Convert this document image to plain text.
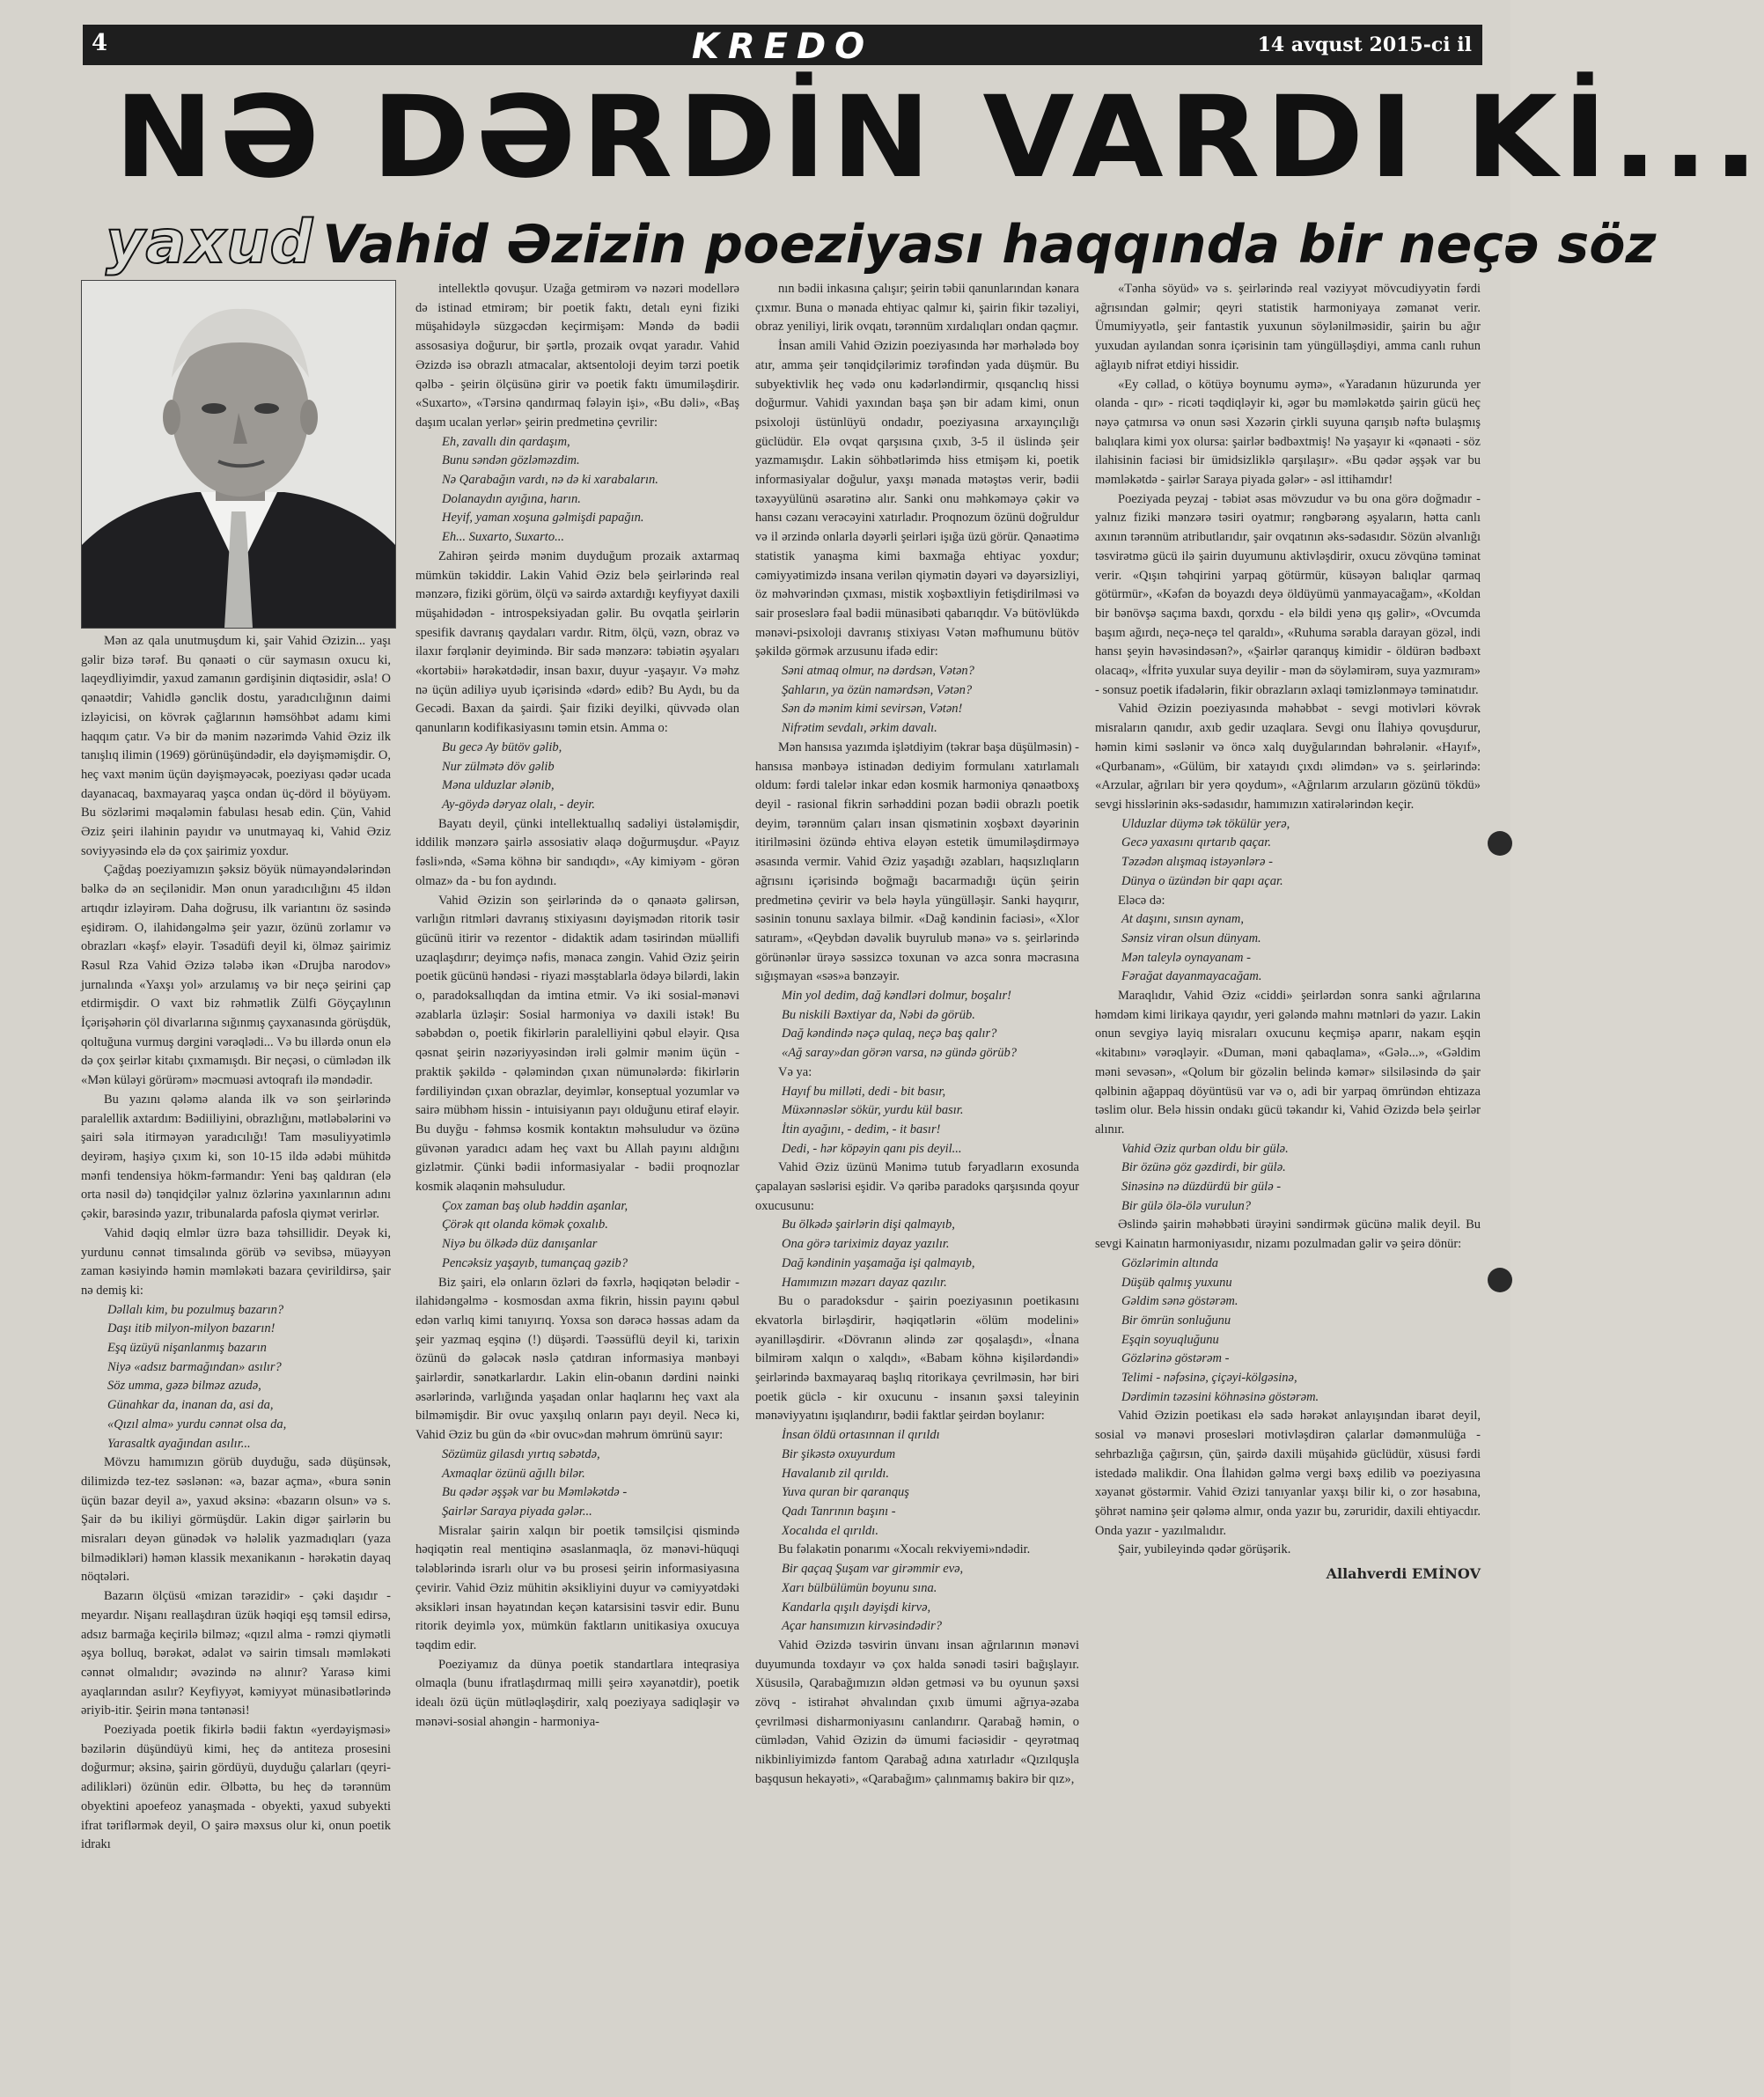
4	KREDO	14 avqust 2015-ci il
NƏ DƏRDİN VARDI Kİ...
yaxud Vahid Əzizin poeziyası haqqında bir neçə söz

Mən az qala unutmuşdum ki, şair Vahid Əzizin... yaşı gəlir bizə tərəf. Bu qənaəti o cür saymasın oxucu ki, laqeydliyimdir, yaxud zamanın gərdişinin diqtəsidir, əsla! O qənaətdir; Vahidlə gənclik dostu, yaradıcılığının daimi izləyicisi, on kövrək çağlarının həmsöhbət adamı kimi haqqım çatır. Və bir də mənim nəzərimdə Vahid Əziz ilk tanışlıq ilimin (1969) görünüşündədir, elə dəyişməmişdir. O, heç vaxt mənim üçün dəyişməyəcək, poeziyası qədər ucada dayanacaq, baxmayaraq yaşca ondan üç-dörd il böyüyəm. Bu sözlərimi məqaləmin fabulası hesab edin. Çün, Vahid Əziz şeiri ilahinin payıdır və unutmayaq ki, Vahid Əziz soviyyəsində elə də çox şairimiz yoxdur.

Çağdaş poeziyamızın şəksiz böyük nümayəndələrindən bəlkə də ən seçilənidir. Mən onun yaradıcılığını 45 ildən artıqdır izləyirəm. Daha doğrusu, ilk variantını öz səsində eşidirəm. O, ilahidəngəlmə şeir yazır, özünü zorlamır və obrazları «kəşf» eləyir. Təsadüfi deyil ki, ölməz şairimiz Rəsul Rza Vahid Əzizə tələbə ikən «Drujba narodov» jurnalında «Yaxşı yol» arzulamış və bir neçə şeirini çap etdirmişdir. O vaxt biz rəhmətlik Zülfi Göyçaylının İçərişəhərin çöl divarlarına sığınmış çayxanasında görüşdük, qoltuğuna vurmuş dərgini vərəqlədi... Və bu illərdə onun elə də çox şeirlər kitabı çıxmamışdı. Bir neçəsi, o cümlədən ilk «Mən küləyi görürəm» məcmuəsi avtoqrafı ilə məndədir.

Bu yazını qələmə alanda ilk və son şeirlərində paralellik axtardım: Bədiiliyini, obrazlığını, mətləbələrini və şairi səla itirməyən yaradıcılığı! Tam məsuliyyətimlə deyirəm, haşiyə çıxım ki, son 10-15 ildə ədəbi mühitdə mənfi tendensiya hökm-fərmandır: Yeni baş qaldıran (elə orta nəsil də) tənqidçilər yalnız özlərinə yaxınlarının adını çəkir, barəsində yazır, tribunalarda pafosla qiymət verirlər.

Vahid dəqiq elmlər üzrə baza təhsillidir. Deyək ki, yurdunu cənnət timsalında görüb və sevibsə, müəyyən zaman kəsiyində həmin məmləkəti bazara çevirildirsə, şair nə demiş ki:

Dəllalı kim, bu pozulmuş bazarın?

Daşı itib milyon-milyon bazarın!

Eşq üzüyü nişanlanmış bazarın

Niyə «adsız barmağından» asılır?

Söz umma, gəzə bilməz azudə,

Günahkar da, inanan da, asi da,

«Qızıl alma» yurdu cənnət olsa da,

Yarasaltk ayağından asılır...

Mövzu hamımızın görüb duyduğu, sadə düşünsək, dilimizdə tez-tez səslənən: «ə, bazar açma», «bura sənin üçün bazar deyil a», yaxud əksinə: «bazarın olsun» və s. Şair də bu ikiliyi görmüşdür. Lakin digər şairlərin bu misraları deyən günədək və hələlik yazmadıqları (yaza bilmədikləri) həmən klassik mexanikanın - hərəkətin dayaq nöqtələri.

Bazarın ölçüsü «mizan tərəzidir» - çəki daşıdır - meyardır. Nişanı reallaşdıran üzük həqiqi eşq təmsil edirsə, adsız barmağa keçirilə bilməz; «qızıl alma - rəmzi qiymətli əşya bolluq, bərəkət, ədalət və sairin timsalı məmləkəti cənnət olmalıdır; əvəzində nə alınır? Yarasə kimi ayaqlarından asılır? Keyfiyyət, kəmiyyət münasibətlərində əriyib-itir. Şeirin məna təntənəsi!

Poeziyada poetik fikirlə bədii faktın «yerdəyişməsi» bəzilərin düşündüyü kimi, heç də antiteza prosesini doğurmur; əksinə, şairin gördüyü, duyduğu çalarları (qeyri-adilikləri) özünün edir. Əlbəttə, bu heç də tərənnüm obyektini apoefeoz yanaşmada - obyekti, yaxud subyekti ifrat təriflərmək deyil, O şairə məxsus olur ki, onun poetik idrakı

intellektlə qovuşur. Uzağa getmirəm və nəzəri modellərə də istinad etmirəm; bir poetik faktı, detalı eyni fiziki müşahidəylə süzgəcdən keçirmişəm: Məndə də bədii assosasiya doğurur, bir şərtlə, prozaik ovqat yaradır. Vahid Əzizdə isə obrazlı atmacalar, aktsentoloji deyim tərzi poetik qəlbə - şeirin ölçüsünə girir və poetik faktı ümumiləşdirir. «Suxarto», «Tərsinə qandırmaq fələyin işi», «Bu dəli», «Baş daşım ucalan yerlər» şeirin predmetinə çevrilir:

Eh, zavallı din qardaşım,

Bunu səndən gözləməzdim.

Nə Qarabağın vardı, nə də ki xarabaların.

Dolanaydın ayığına, harın.

Heyif, yaman xoşuna gəlmişdi papağın.

Eh... Suxarto, Suxarto...

Zahirən şeirdə mənim duyduğum prozaik axtarmaq mümkün təkiddir. Lakin Vahid Əziz belə şeirlərində real mənzərə, fiziki görüm, ölçü və sairdə axtardığı keyfiyyət daxili müşahidədən - introspeksiyadan gəlir. Bu ovqatla şeirlərin spesifik davranış qaydaları vardır. Ritm, ölçü, vəzn, obraz və ilaxır fərqlənir deyimində. Bir sadə mənzərə: təbiətin əşyaları «kortəbii» hərəkətdədir, insan baxır, duyur -yaşayır. Və məhz nə üçün adiliyə uyub içərisində «dərd» edib? Bu Aydı, bu da Gecədi. Baxan da şairdi. Şair fiziki deyilki, qüvvədə olan qanunların kodifikasiyasını təmin etsin. Amma o:

Bu gecə Ay bütöv gəlib,

Nur zülmətə döv gəlib

Məna ulduzlar ələnib,

Ay-göydə dəryaz olalı, - deyir.

Bayatı deyil, çünki intellektuallıq sadəliyi üstələmişdir, iddilik mənzərə şairlə assosiativ əlaqə doğurmuşdur. «Payız fəsli»ndə, «Səma köhnə bir sandıqdı», «Ay kimiyəm - görən olmaz» da - bu fon aydındı.

Vahid Əzizin son şeirlərində də o qənaətə gəlirsən, varlığın ritmləri davranış stixiyasını dəyişmədən ritorik təsir gücünü itirir və rezentor - didaktik adam təsirindən müəllifi uzaqlaşdırır; deyimçə nəfis, mənaca zəngin. Vahid Əziz şeirin poetik gücünü həndəsi - riyazi məsştablarla ödəyə bilərdi, lakin o, paradoksallıqdan da imtina etmir. Və iki sosial-mənəvi əzablarla üzləşir: Sosial harmoniya və daxili istək! Bu səbəbdən o, poetik fikirlərin paralelliyini qəbul eləyir. Qısa qəsnat şeirin nəzəriyyəsindən irəli gəlmir mənim üçün - praktik şəkildə - qələmindən çıxan nümunələrdə: fikirlərin fərdiliyindən çıxan obrazlar, deyimlər, konseptual yozumlar və sairə mübhəm hissin - intuisiyanın payı olduğunu etiraf eləyir. Bu duyğu - fəhmsə kosmik kontaktın məhsuludur və özünə güvənən yaradıcı adam heç vaxt bu Allah payını aldığını gizlətmir. Çünki bədii informasiyalar - bədii proqnozlar kosmik əlaqənin məhsuludur.

Çox zaman baş olub həddin aşanlar,

Çörək qıt olanda kömək çoxalıb.

Niyə bu ölkədə düz danışanlar

Pencəksiz yaşayıb, tumançaq gəzib?

Biz şairi, elə onların özləri də fəxrlə, həqiqətən belədir - ilahidəngəlmə - kosmosdan axma fikrin, hissin payını qəbul edən varlıq kimi tanıyırıq. Yoxsa son dərəcə həssas adam da şeir yazmaq eşqinə (!) düşərdi. Təəssüflü deyil ki, tarixin özünü də gələcək nəslə çatdıran informasiya mənbəyi şairlərdir, sənətkarlardır. Lakin elin-obanın dərdini nəinki əsərlərində, varlığında yaşadan onlar haqlarını heç vaxt ala bilməmişdir. Bir ovuc yaxşılıq onların payı deyil. Necə ki, Vahid Əziz bu gün də «bir ovuc»dan məhrum ömrünü sayır:

Sözümüz gilasdı yırtıq səbətdə,

Axmaqlar özünü ağıllı bilər.

Bu qədər əşşək var bu Məmləkətdə -

Şairlər Saraya piyada gələr...

Misralar şairin xalqın bir poetik təmsilçisi qismində həqiqətin real mentiqinə əsaslanmaqla, öz mənəvi-hüquqi tələblərində israrlı olur və bu prosesi şeirin informasiyasına çevirir. Vahid Əziz mühitin əksikliyini duyur və cəmiyyətdəki əksikləri insan həyatından keçən katarsisini təsvir edir. Bunu ritorik deyimlə yox, mümkün faktların unitikasiya oxucuya təqdim edir.

Poeziyamız da dünya poetik standartlara inteqrasiya olmaqla (bunu ifratlaşdırmaq milli şeirə xəyanətdir), poetik idealı özü üçün mütləqləşdirir, xalq poeziyaya sadiqləşir və mənəvi-sosial ahəngin - harmoniya-

nın bədii inkasına çalışır; şeirin təbii qanunlarından kənara çıxmır. Buna o mənada ehtiyac qalmır ki, şairin fikir təzəliyi, obraz yeniliyi, lirik ovqatı, tərənnüm xırdalıqları ondan qaçmır.

İnsan amili Vahid Əzizin poeziyasında hər mərhələdə boy atır, amma şeir tənqidçilərimiz tərəfindən yada düşmür. Bu subyektivlik heç vədə onu kədərləndirmir, qısqanclıq hissi doğurmur. Vahidi yaxından başa şən bir adam kimi, onun psixoloji üstünlüyü ondadır, poeziyasına arxayınçılığı güclüdür. Elə ovqat qarşısına çıxıb, 3-5 il üslində şeir yazmamışdır. Lakin söhbətlərimdə hiss etmişəm ki, poetik informasiyalar doğulur, yaxşı mənada mətəştəs verir, bədii təxəyyülünü əsarətinə alır. Sanki onu məhkəməyə çəkir və hansı cəzanı verəcəyini xatırladır. Proqnozum özünü doğruldur və il ərzində onlarla dəyərli şeirləri işığa üzü görür. Qənaətimə statistik yanaşma kimi baxmağa ehtiyac yoxdur; cəmiyyətimizdə insana verilən qiymətin dəyəri və dəyərsizliyi, öz məhvərindən çıxması, mistik xoşbəxtliyin fetişdirilməsi və sair proseslərə fəal bədii münasibəti qabarıqdır. Və bütövlükdə mənəvi-psixoloji davranış stixiyası Vətən məfhumunu bütöv şəkildə görmək arzusunu ifadə edir:

Səni atmaq olmur, nə dərdsən, Vətən?

Şahların, ya özün namərdsən, Vətən?

Sən də mənim kimi sevirsən, Vətən!

Nifrətim sevdalı, ərkim davalı.

Mən hansısa yazımda işlətdiyim (təkrar başa düşülməsin) - hansısa mənbəyə istinadən dediyim formulanı xatırlamalı oldum: fərdi talelər inkar edən kosmik harmoniya qənaətboxş deyil - rasional fikrin sərhəddini pozan bədii obrazlı poetik deyim, tərənnüm çaları insan qismətinin xoşbəxt dəyərinin itirilməsini özündə ehtiva eləyən estetik ümumiləşdirməyə əsasında vermir. Vahid Əziz yaşadığı əzabları, haqsızlıqların ağrısını içərisində boğmağı bacarmadığı üçün şeirin predmetinə çevirir və belə həyla yüngülləşir. Sanki hayqırır, səsinin tonunu saxlaya bilmir. «Dağ kəndinin faciəsi», «Xlor satıram», «Qeybdən dəvəlik buyrulub mənə» və s. şeirlərində görünənlər ürəyə səssizcə toxunan və azca sonra məcrasına sığışmayan «səs»a bənzəyir.

Min yol dedim, dağ kəndləri dolmur, boşalır!

Bu niskili Bəxtiyar da, Nəbi də görüb.

Dağ kəndində nəçə qulaq, neçə baş qalır?

«Ağ saray»dan görən varsa, nə gündə görüb?

Və ya:

Hayıf bu milləti, dedi - bit basır,

Müxənnəslər sökür, yurdu kül basır.

İtin ayağını, - dedim, - it basır!

Dedi, - hər köpəyin qanı pis deyil...

Vahid Əziz üzünü Mənimə tutub fəryadların exosunda çapalayan səslərisi eşidir. Və qəribə paradoks qarşısında qoyur oxucusunu:

Bu ölkədə şairlərin dişi qalmayıb,

Ona görə tariximiz dayaz yazılır.

Dağ kəndinin yaşamağa işi qalmayıb,

Hamımızın məzarı dayaz qazılır.

Bu o paradoksdur - şairin poeziyasının poetikasını ekvatorla birləşdirir, həqiqətlərin «ölüm modelini» əyanilləşdirir. «Dövranın əlində zər qoşalaşdı», «İnana bilmirəm xalqın o xalqdı», «Babam köhnə kişilərdəndi» şeirlərində baxmayaraq başlıq ritorikaya çevrilməsin, hər biri poetik güclə - kir oxucunu - insanın şəxsi taleyinin mənəviyyatını işıqlandırır, bədii faktlar şeirdən boylanır:

İnsan öldü ortasınnan il qırıldı

Bir şikəstə oxuyurdum

Havalanıb zil qırıldı.

Yuva quran bir qaranquş

Qadı Tanrının başını -

Xocalıda el qırıldı.

Bu fəlakətin ponarımı «Xocalı rekviyemi»ndədir.

Bir qaçaq Şuşam var girəmmir evə,

Xarı bülbülümün boyunu sına.

Kandarla qışılı dəyişdi kirvə,

Açar hansımızın kirvəsindədir?

Vahid Əzizdə təsvirin ünvanı insan ağrılarının mənəvi duyumunda toxdayır və çox halda sənədi təsiri bağışlayır. Xüsusilə, Qarabağımızın əldən getməsi və bu oyunun şəxsi zövq - istirahət əhvalından çıxıb ümumi ağrıya-əzaba çevrilməsi disharmoniyasını canlandırır. Qarabağ həmin, o cümlədən, Vahid Əzizin də ümumi faciəsidir - qeyrətmaq nikbinliyimizdə fantom Qarabağ adına xatırladır «Qızılquşla başqusun hekayəti», «Qarabağım» çalınmamış bakirə bir qız»,

«Tənha söyüd» və s. şeirlərində real vəziyyət mövcudiyyətin fərdi ağrısından gəlmir; qeyri statistik harmoniyaya zəmanət verir. Ümumiyyətlə, şeir fantastik yuxunun söylənilməsidir, şairin bu ağır yuxudan ayılandan sonra içərisinin tam yüngülləşdiyi, amma canlı ruhun ağlayıb nifrət etdiyi hissidir.

«Ey cəllad, o kötüyə boynumu əymə», «Yaradanın hüzurunda yer olanda - qır» - ricəti təqdiqləyir ki, əgər bu məmləkətdə şairin gücü heç nəyə çatmırsa və onun səsi Xəzərin çirkli suyuna qarışıb nəftə bulaşmış balıqlara kimi yox olursa: şairlər bədbəxtmiş! Nə yaşayır ki «qənaəti - söz ilahisinin faciəsi bir ümidsizliklə qarşılaşır». «Bu qədər əşşək var bu məmləkətdə - şairlər Saraya piyada gələr» - əsl ittihamdır!

Poeziyada peyzaj - təbiət əsas mövzudur və bu ona görə doğmadır - yalnız fiziki mənzərə təsiri oyatmır; rəngbərəng əşyaların, hətta canlı axının tərənnüm atributlarıdır, şair ovqatının əks-sədasıdır. Sözün əlvanlığı təsvirətmə gücü ilə şairin duyumunu aktivləşdirir, oxucu zövqünə təminat verir. «Qışın təhqirini yarpaq götürmür, küsəyən balıqlar qarmaq götürmür», «Kəfən də boyazdı deyə öldüyümü yanmayacağam», «Koldan bir bənövşə saçıma baxdı, qorxdu - elə bildi yenə qış gəlir», «Ovcumda başım ağırdı, neçə-neçə tel qaraldı», «Ruhuma sərabla darayan gözəl, indi hansı şeyin həvəsindəsən?», «Şairlər qaranquş kimidir - öldürən bədbəxt olacaq», «İfritə yuxular suya deyilir - mən də söyləmirəm, suya yazmıram» - sonsuz poetik ifadələrin, fikir obrazların əxlaqi təmizlənməyə təminatıdır.

Vahid Əzizin poeziyasında məhəbbət - sevgi motivləri kövrək misraların qanıdır, axıb gedir uzaqlara. Sevgi onu İlahiyə qovuşdurur, həmin kimi səslənir və öncə xalq duyğularından bəhrələnir. «Hayıf», «Qurbanam», «Gülüm, bir xatayıdı çıxdı əlimdən» və s. şeirlərində: «Arzular, ağrıları bir yerə qoydum», «Ağrılarım arzuların gözünü tökdü» sevgi hisslərinin əks-sədasıdır, hamımızın xatirələrindən keçir.

Ulduzlar düymə tək tökülür yerə,

Gecə yaxasını qırtarıb qaçar.

Təzədən alışmaq istəyənlərə -

Dünya o üzündən bir qapı açar.

Eləcə də:

At daşını, sınsın aynam,

Sənsiz viran olsun dünyam.

Mən taleylə oynayanam -

Fərağat dayanmayacağam.

Maraqlıdır, Vahid Əziz «ciddi» şeirlərdən sonra sanki ağrılarına həmdəm kimi lirikaya qayıdır, yeri gələndə mahnı mətnləri də yazır. Lakin onun sevgiyə layiq misraları oxucunu keçmişə aparır, nakam eşqin «kitabını» vərəqləyir. «Duman, məni qabaqlama», «Gələ...», «Gəldim məni sevəsən», «Qolum bir gözəlin belində kəmər» silsiləsində də şair qəlbinin ağappaq döyüntüsü var və o, adi bir yarpaq ömründən ehtizaza təslim olur. Belə hissin ondakı gücü təkandır ki, Vahid Əzizdə belə şeirlər alınır.

Vahid Əziz qurban oldu bir gülə.

Bir özünə göz gəzdirdi, bir gülə.

Sinəsinə nə düzdürdü bir gülə -

Bir gülə ölə-ölə vurulun?

Əslində şairin məhəbbəti ürəyini səndirmək gücünə malik deyil. Bu sevgi Kainatın harmoniyasıdır, nizamı pozulmadan gəlir və şeirə dönür:

Gözlərimin altında

Düşüb qalmış yuxunu

Gəldim sənə göstərəm.

Bir ömrün sonluğunu

Eşqin soyuqluğunu

Gözlərinə göstərəm -

Telimi - nəfəsinə, çiçəyi-kölgəsinə,

Dərdimin təzəsini köhnəsinə göstərəm.

Vahid Əzizin poetikası elə sadə hərəkət anlayışından ibarət deyil, sosial və mənəvi prosesləri motivləşdirən çalarlar dəmənmulüğa - sehrbazlığa çağırsın, çün, şairdə daxili müşahidə güclüdür, xüsusi fərdi istedadə malikdir. Ona İlahidən gəlmə vergi bəxş edilib və poeziyasına xəyanət göstərmir. Vahid Əzizi tanıyanlar yaxşı bilir ki, o zor həsabına, şöhrət naminə şeir qələmə almır, onda yazır bu, zəruridir, daxili ehtiyacdır. Onda yazır - yazılmalıdır.

Şair, yubileyində qədər görüşərik.

Allahverdi EMİNOV
